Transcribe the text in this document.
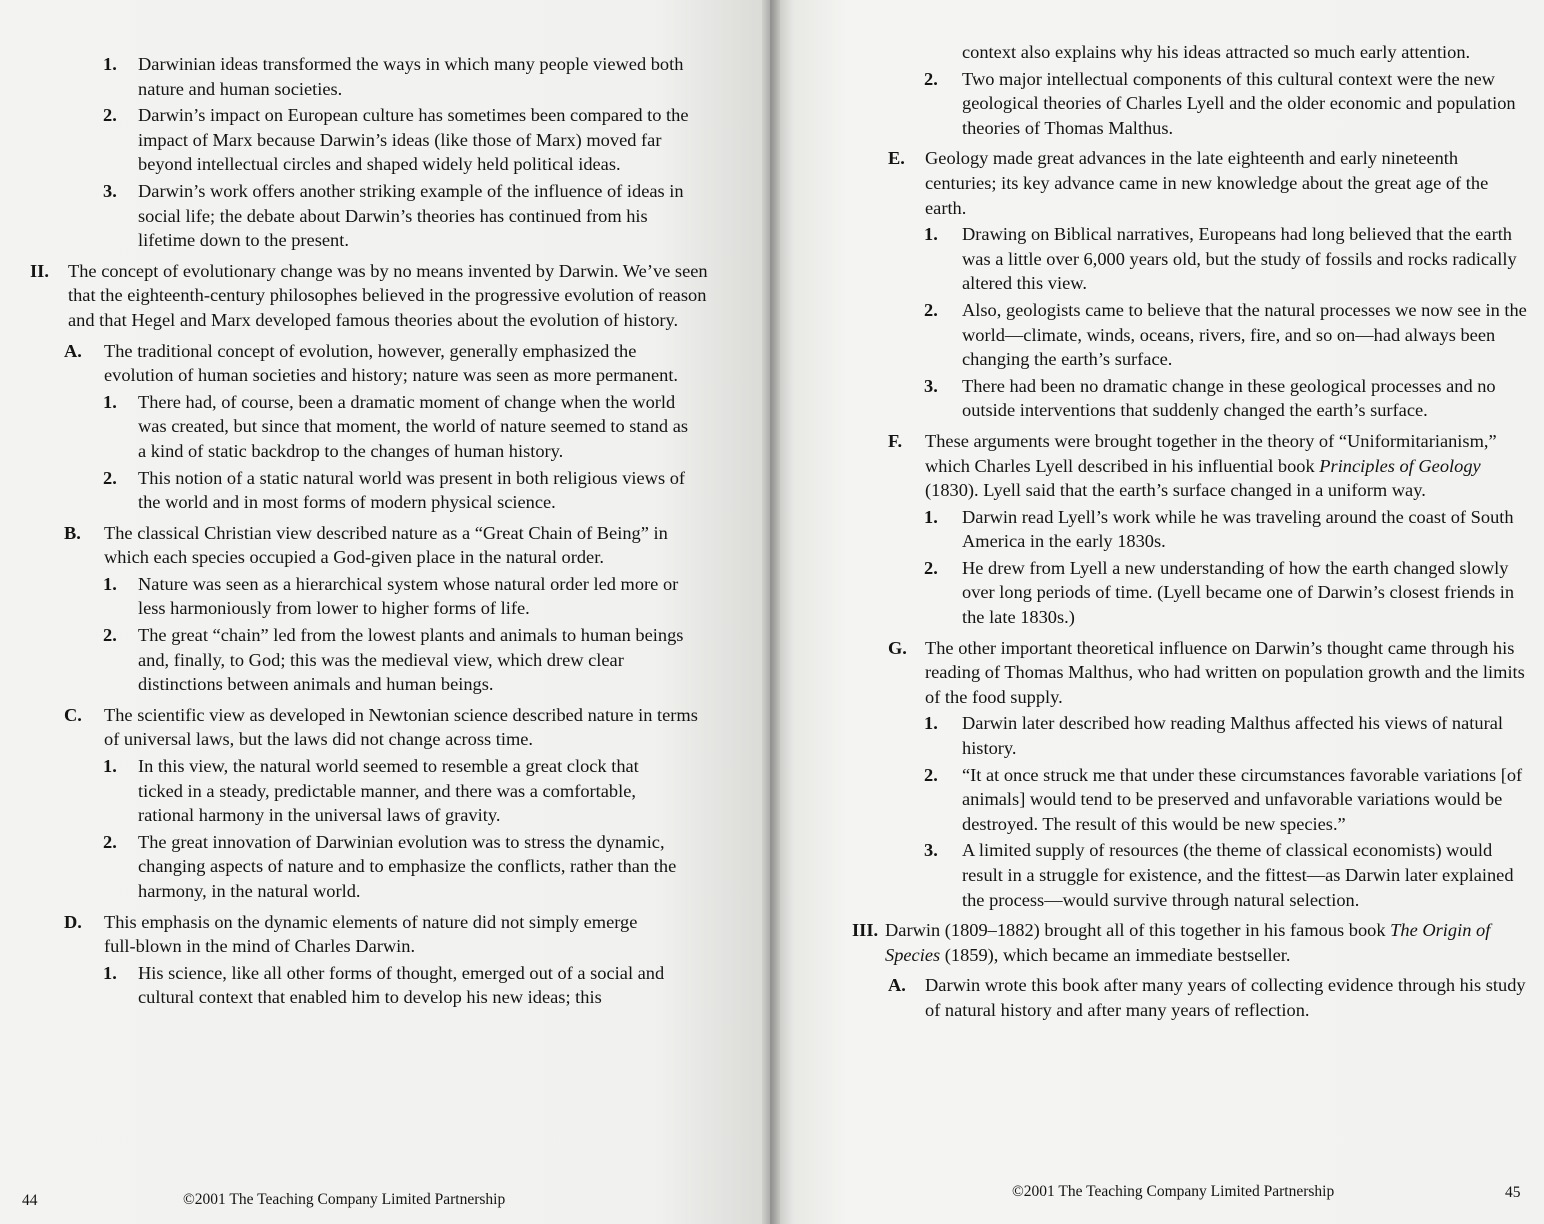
1. Darwinian ideas transformed the ways in which many people viewed both nature and human societies.
2. Darwin’s impact on European culture has sometimes been compared to the impact of Marx because Darwin’s ideas (like those of Marx) moved far beyond intellectual circles and shaped widely held political ideas.
3. Darwin’s work offers another striking example of the influence of ideas in social life; the debate about Darwin’s theories has continued from his lifetime down to the present.
II. The concept of evolutionary change was by no means invented by Darwin. We’ve seen that the eighteenth-century philosophes believed in the progressive evolution of reason and that Hegel and Marx developed famous theories about the evolution of history.
A. The traditional concept of evolution, however, generally emphasized the evolution of human societies and history; nature was seen as more permanent.
1. There had, of course, been a dramatic moment of change when the world was created, but since that moment, the world of nature seemed to stand as a kind of static backdrop to the changes of human history.
2. This notion of a static natural world was present in both religious views of the world and in most forms of modern physical science.
B. The classical Christian view described nature as a “Great Chain of Being” in which each species occupied a God-given place in the natural order.
1. Nature was seen as a hierarchical system whose natural order led more or less harmoniously from lower to higher forms of life.
2. The great “chain” led from the lowest plants and animals to human beings and, finally, to God; this was the medieval view, which drew clear distinctions between animals and human beings.
C. The scientific view as developed in Newtonian science described nature in terms of universal laws, but the laws did not change across time.
1. In this view, the natural world seemed to resemble a great clock that ticked in a steady, predictable manner, and there was a comfortable, rational harmony in the universal laws of gravity.
2. The great innovation of Darwinian evolution was to stress the dynamic, changing aspects of nature and to emphasize the conflicts, rather than the harmony, in the natural world.
D. This emphasis on the dynamic elements of nature did not simply emerge full-blown in the mind of Charles Darwin.
1. His science, like all other forms of thought, emerged out of a social and cultural context that enabled him to develop his new ideas; this
44	©2001 The Teaching Company Limited Partnership
context also explains why his ideas attracted so much early attention.
2. Two major intellectual components of this cultural context were the new geological theories of Charles Lyell and the older economic and population theories of Thomas Malthus.
E. Geology made great advances in the late eighteenth and early nineteenth centuries; its key advance came in new knowledge about the great age of the earth.
1. Drawing on Biblical narratives, Europeans had long believed that the earth was a little over 6,000 years old, but the study of fossils and rocks radically altered this view.
2. Also, geologists came to believe that the natural processes we now see in the world—climate, winds, oceans, rivers, fire, and so on—had always been changing the earth’s surface.
3. There had been no dramatic change in these geological processes and no outside interventions that suddenly changed the earth’s surface.
F. These arguments were brought together in the theory of “Uniformitarianism,” which Charles Lyell described in his influential book Principles of Geology (1830). Lyell said that the earth’s surface changed in a uniform way.
1. Darwin read Lyell’s work while he was traveling around the coast of South America in the early 1830s.
2. He drew from Lyell a new understanding of how the earth changed slowly over long periods of time. (Lyell became one of Darwin’s closest friends in the late 1830s.)
G. The other important theoretical influence on Darwin’s thought came through his reading of Thomas Malthus, who had written on population growth and the limits of the food supply.
1. Darwin later described how reading Malthus affected his views of natural history.
2. “It at once struck me that under these circumstances favorable variations [of animals] would tend to be preserved and unfavorable variations would be destroyed. The result of this would be new species.”
3. A limited supply of resources (the theme of classical economists) would result in a struggle for existence, and the fittest—as Darwin later explained the process—would survive through natural selection.
III. Darwin (1809–1882) brought all of this together in his famous book The Origin of Species (1859), which became an immediate bestseller.
A. Darwin wrote this book after many years of collecting evidence through his study of natural history and after many years of reflection.
©2001 The Teaching Company Limited Partnership	45
